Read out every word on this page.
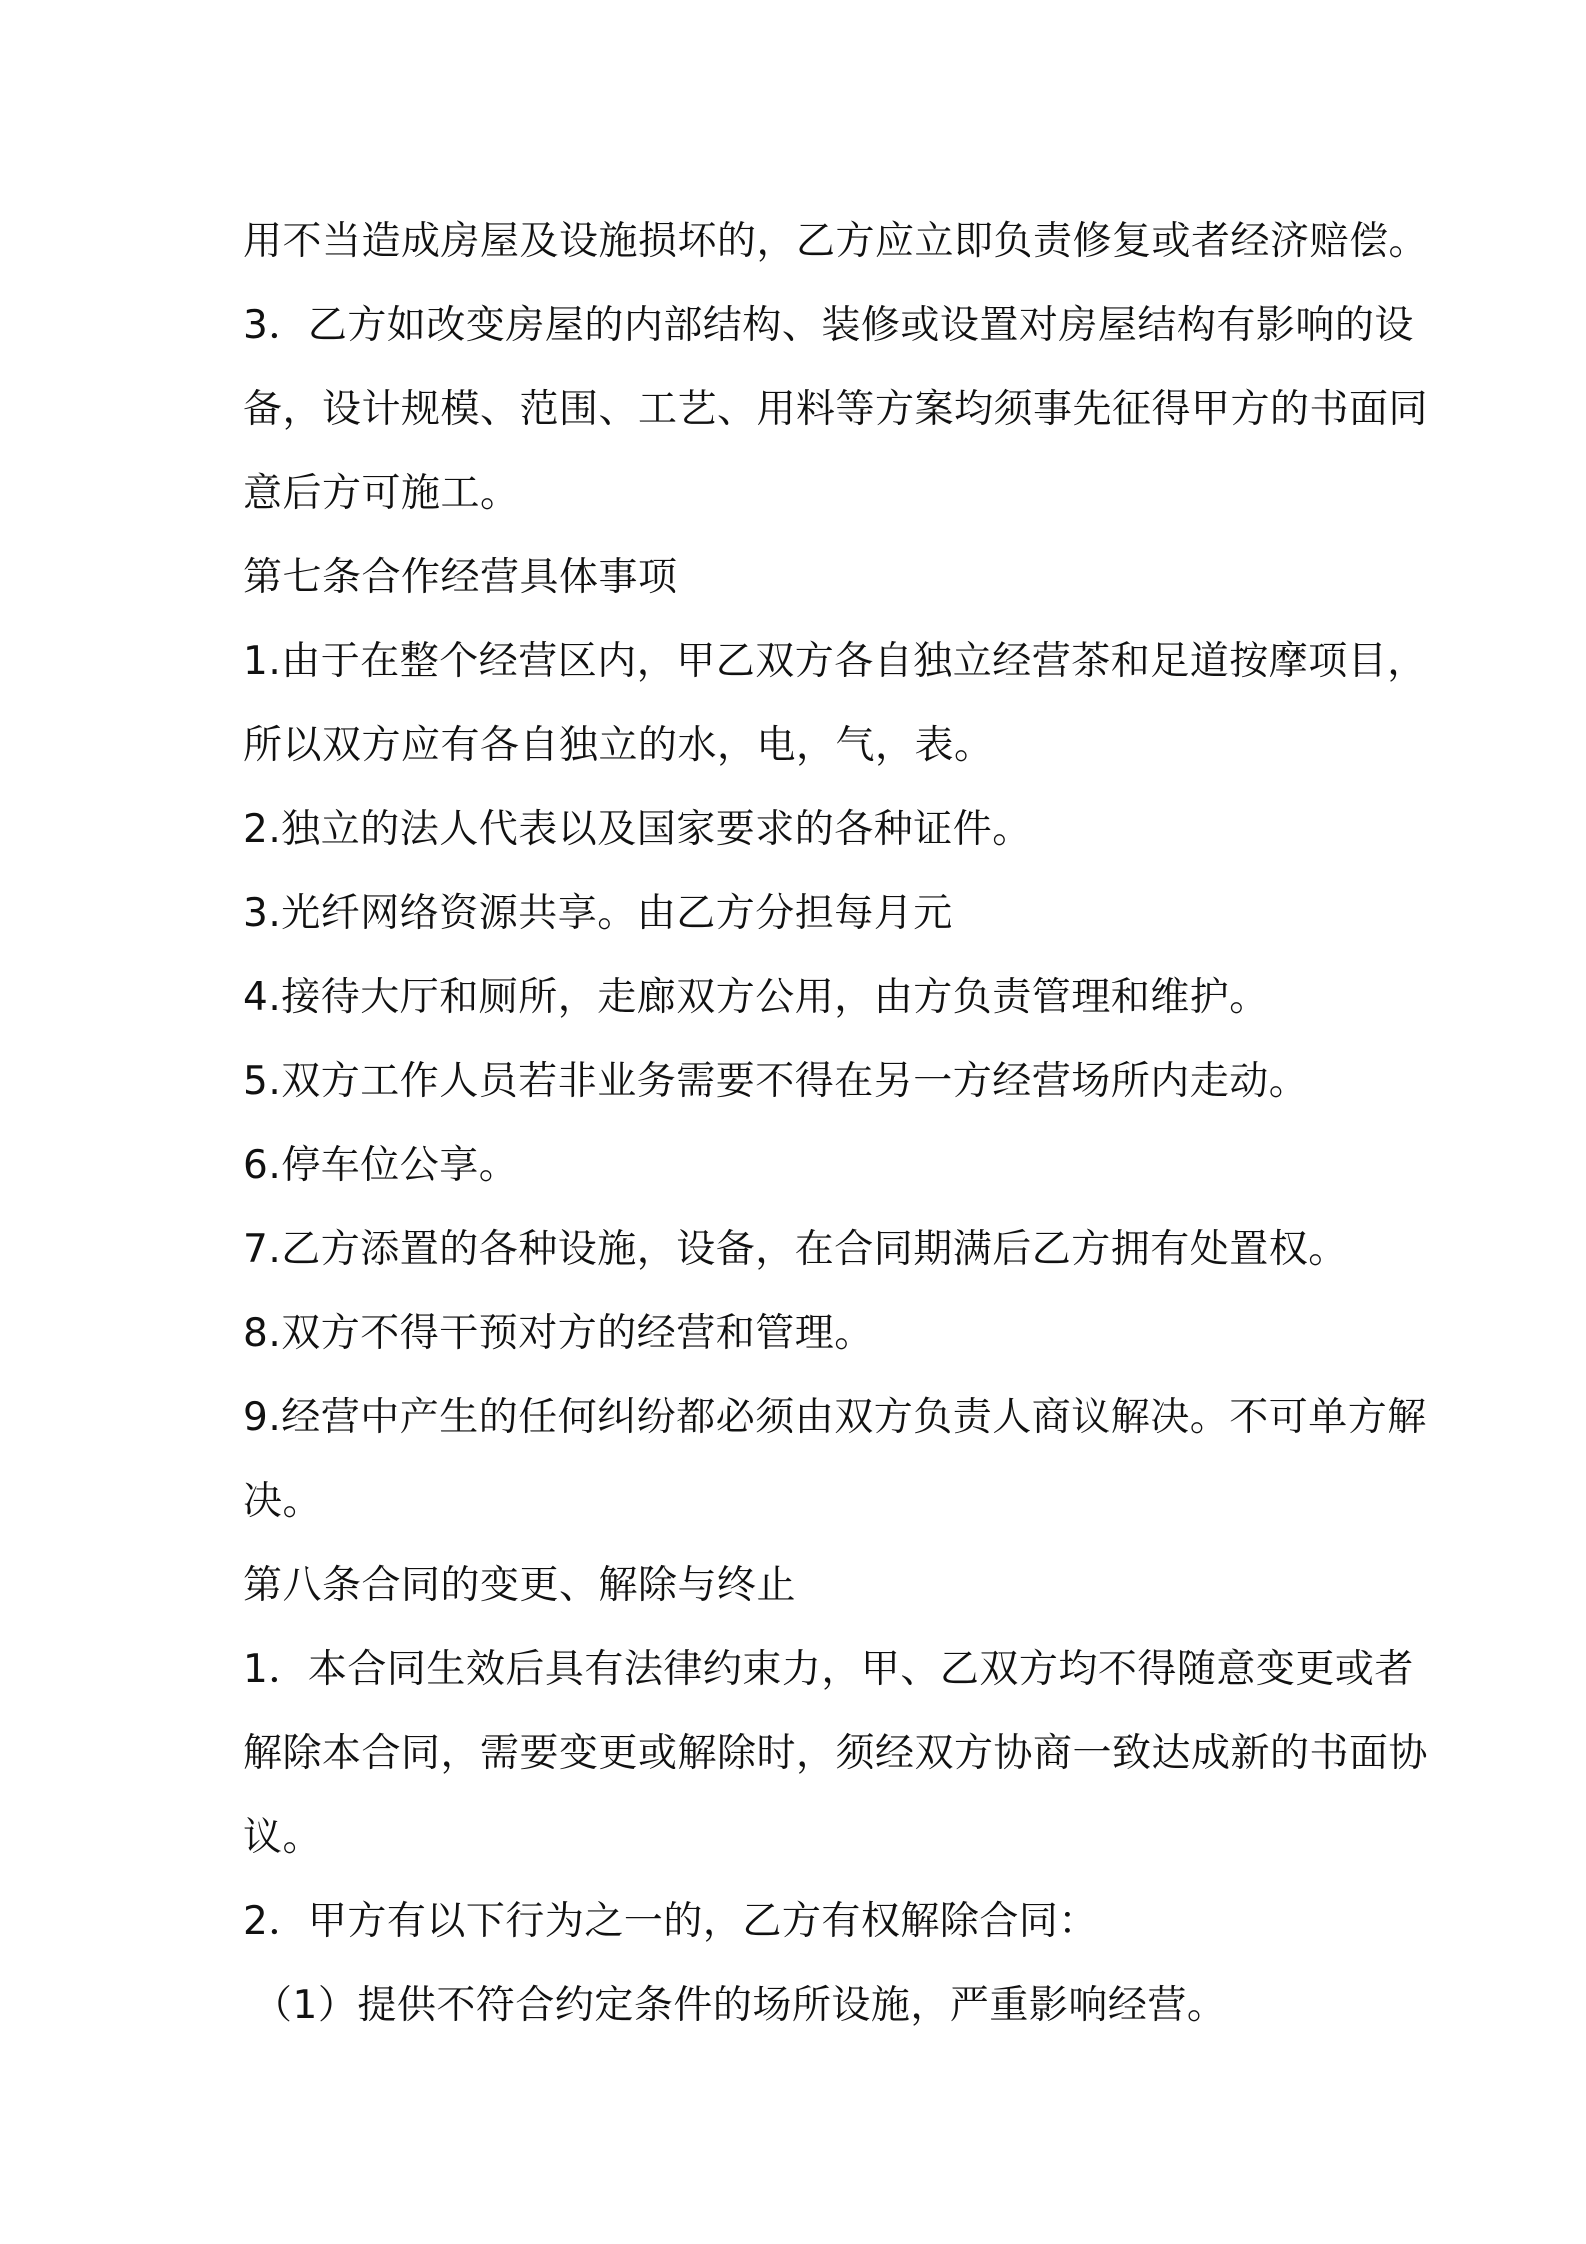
用不当造成房屋及设施损坏的，乙方应立即负责修复或者经济赔偿。

3．乙方如改变房屋的内部结构、装修或设置对房屋结构有影响的设

备，设计规模、范围、工艺、用料等方案均须事先征得甲方的书面同

意后方可施工。

第七条合作经营具体事项

1.由于在整个经营区内，甲乙双方各自独立经营茶和足道按摩项目，

所以双方应有各自独立的水，电，气，表。

2.独立的法人代表以及国家要求的各种证件。

3.光纤网络资源共享。由乙方分担每月元

4.接待大厅和厕所，走廊双方公用，由方负责管理和维护。

5.双方工作人员若非业务需要不得在另一方经营场所内走动。

6.停车位公享。

7.乙方添置的各种设施，设备，在合同期满后乙方拥有处置权。

8.双方不得干预对方的经营和管理。

9.经营中产生的任何纠纷都必须由双方负责人商议解决。不可单方解

决。

第八条合同的变更、解除与终止

1．本合同生效后具有法律约束力，甲、乙双方均不得随意变更或者

解除本合同，需要变更或解除时，须经双方协商一致达成新的书面协

议。

2．甲方有以下行为之一的，乙方有权解除合同：

（1）提供不符合约定条件的场所设施，严重影响经营。
